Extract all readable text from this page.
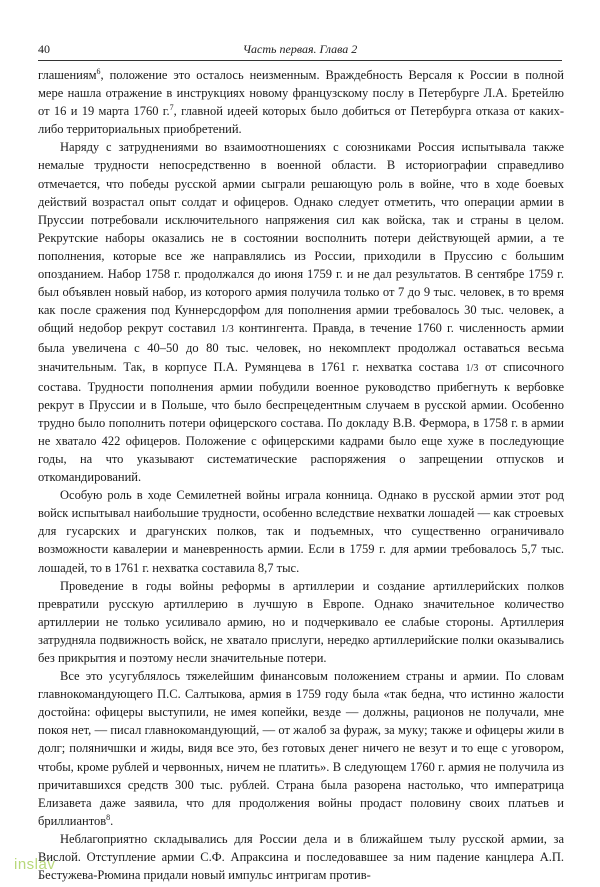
40	Часть первая. Глава 2

глашениям$^6$, положение это осталось неизменным. Враждебность Версаля к России в полной мере нашла отражение в инструкциях новому французскому послу в Петербурге Л.А. Бретейлю от 16 и 19 марта 1760 г.$^7$, главной идеей которых было добиться от Петербурга отказа от каких-либо территориальных приобретений.

Наряду с затруднениями во взаимоотношениях с союзниками Россия испытывала также немалые трудности непосредственно в военной области. В историографии справедливо отмечается, что победы русской армии сыграли решающую роль в войне, что в ходе боевых действий возрастал опыт солдат и офицеров. Однако следует отметить, что операции армии в Пруссии потребовали исключительного напряжения сил как войска, так и страны в целом. Рекрутские наборы оказались не в состоянии восполнить потери действующей армии, а те пополнения, которые все же направлялись из России, приходили в Пруссию с большим опозданием. Набор 1758 г. продолжался до июня 1759 г. и не дал результатов. В сентябре 1759 г. был объявлен новый набор, из которого армия получила только от 7 до 9 тыс. человек, в то время как после сражения под Куннерсдорфом для пополнения армии требовалось 30 тыс. человек, а общий недобор рекрут составил 1/3 контингента. Правда, в течение 1760 г. численность армии была увеличена с 40–50 до 80 тыс. человек, но некомплект продолжал оставаться весьма значительным. Так, в корпусе П.А. Румянцева в 1761 г. нехватка состава 1/3 от списочного состава. Трудности пополнения армии побудили военное руководство прибегнуть к вербовке рекрут в Пруссии и в Польше, что было беспрецедентным случаем в русской армии. Особенно трудно было пополнить потери офицерского состава. По докладу В.В. Фермора, в 1758 г. в армии не хватало 422 офицеров. Положение с офицерскими кадрами было еще хуже в последующие годы, на что указывают систематические распоряжения о запрещении отпусков и откомандирований.

Особую роль в ходе Семилетней войны играла конница. Однако в русской армии этот род войск испытывал наибольшие трудности, особенно вследствие нехватки лошадей — как строевых для гусарских и драгунских полков, так и подъемных, что существенно ограничивало возможности кавалерии и маневренность армии. Если в 1759 г. для армии требовалось 5,7 тыс. лошадей, то в 1761 г. нехватка составила 8,7 тыс.

Проведение в годы войны реформы в артиллерии и создание артиллерийских полков превратили русскую артиллерию в лучшую в Европе. Однако значительное количество артиллерии не только усиливало армию, но и подчеркивало ее слабые стороны. Артиллерия затрудняла подвижность войск, не хватало прислуги, нередко артиллерийские полки оказывались без прикрытия и поэтому несли значительные потери.

Все это усугублялось тяжелейшим финансовым положением страны и армии. По словам главнокомандующего П.С. Салтыкова, армия в 1759 году была «так бедна, что истинно жалости достойна: офицеры выступили, не имея копейки, везде — должны, рационов не получали, мне покоя нет, — писал главнокомандующий, — от жалоб за фураж, за муку; также и офицеры жили в долг; поляничшки и жиды, видя все это, без готовых денег ничего не везут и то еще с уговором, чтобы, кроме рублей и червонных, ничем не платить». В следующем 1760 г. армия не получила из причитавшихся средств 300 тыс. рублей. Страна была разорена настолько, что императрица Елизавета даже заявила, что для продолжения войны продаст половину своих платьев и бриллиантов$^8$.

Неблагоприятно складывались для России дела и в ближайшем тылу русской армии, за Вислой. Отступление армии С.Ф. Апраксина и последовавшее за ним падение канцлера А.П. Бестужева-Рюмина придали новый импульс интригам против-

inslav
